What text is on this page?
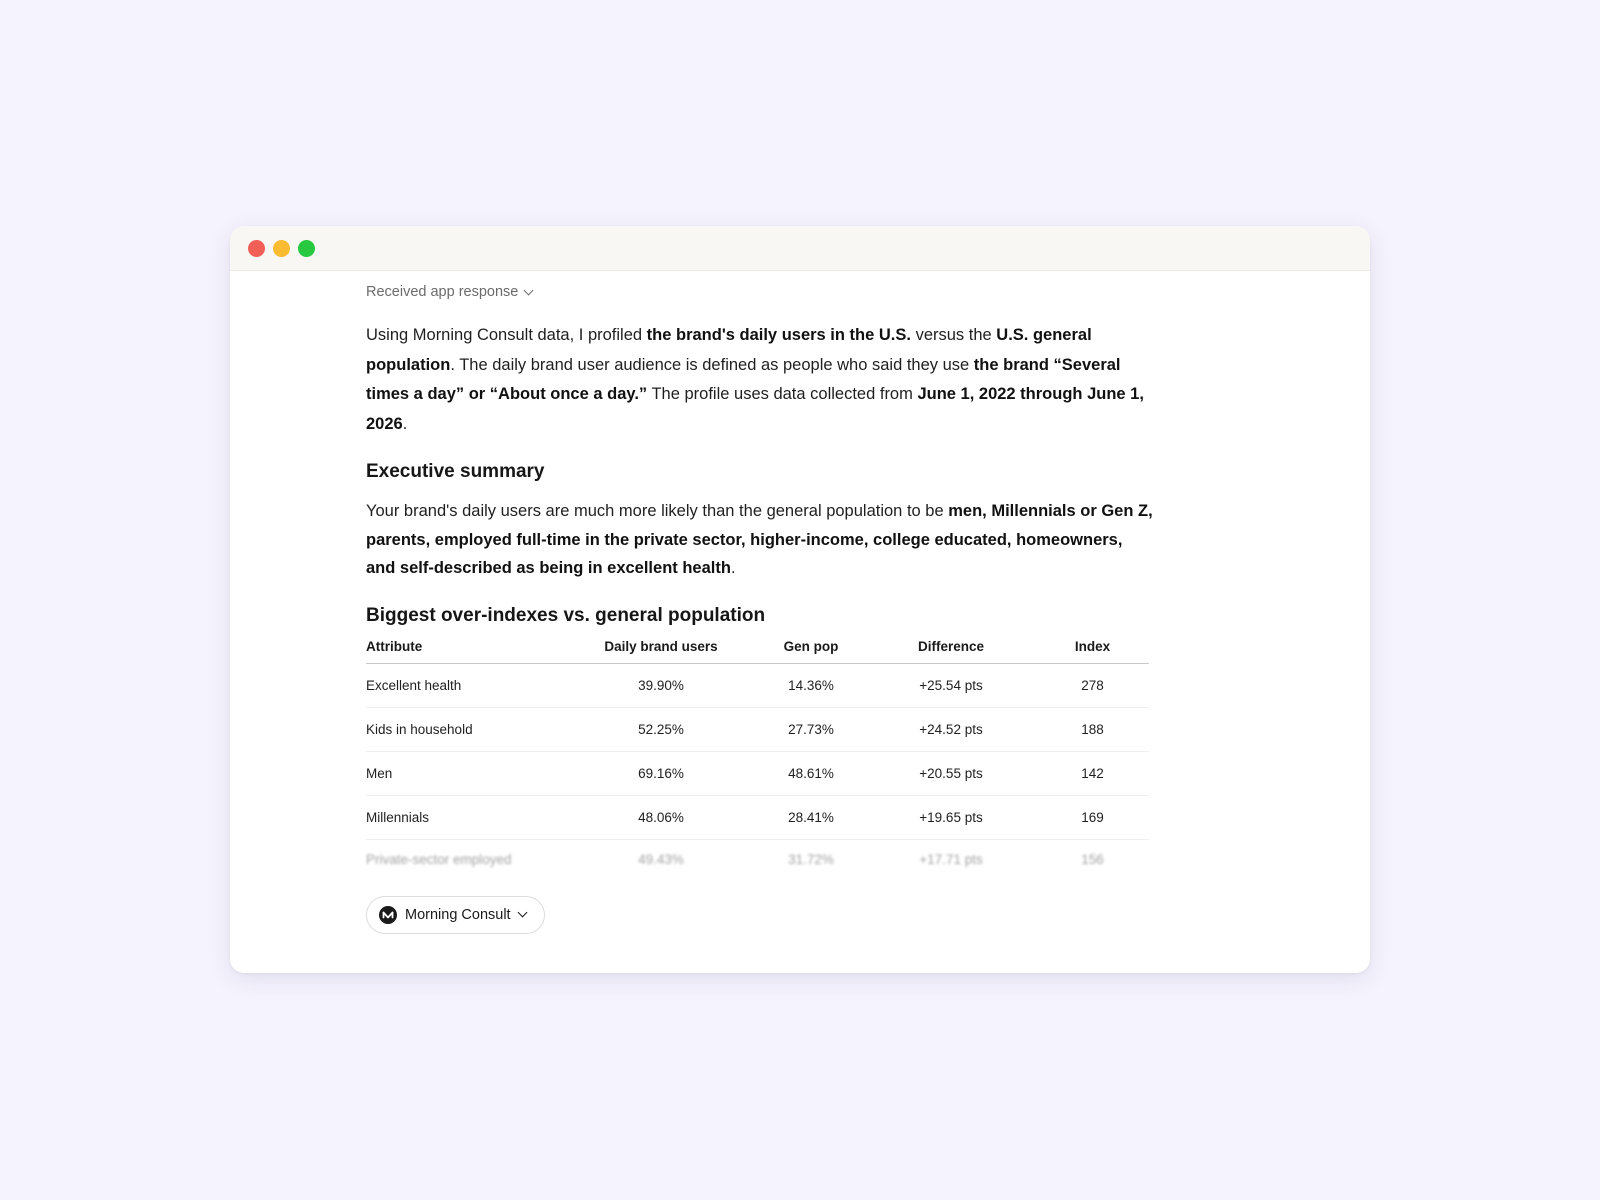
Received app response

Using Morning Consult data, I profiled the brand's daily users in the U.S. versus the U.S. general population. The daily brand user audience is defined as people who said they use the brand “Several times a day” or “About once a day.” The profile uses data collected from June 1, 2022 through June 1, 2026.

Executive summary

Your brand's daily users are much more likely than the general population to be men, Millennials or Gen Z, parents, employed full-time in the private sector, higher-income, college educated, homeowners, and self-described as being in excellent health.

Biggest over-indexes vs. general population
Attribute	Daily brand users	Gen pop	Difference	Index
Excellent health	39.90%	14.36%	+25.54 pts	278
Kids in household	52.25%	27.73%	+24.52 pts	188
Men	69.16%	48.61%	+20.55 pts	142
Millennials	48.06%	28.41%	+19.65 pts	169
Private-sector employed	49.43%	31.72%	+17.71 pts	156
Morning Consult
